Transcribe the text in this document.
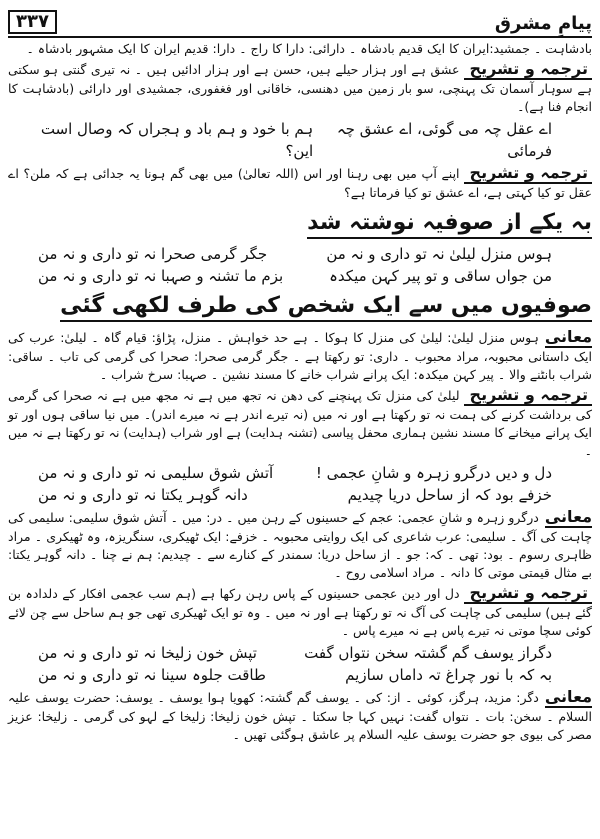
پیامِ مشرق
۳۳۷

بادشاہت ۔ جمشید:ایران کا ایک قدیم بادشاہ ۔ دارائی: دارا کا راج ۔ دارا: قدیم ایران کا ایک مشہور بادشاہ ۔

ترجمہ و تشریحعشق ہے اور ہزار حیلے ہیں، حسن ہے اور ہزار ادائیں ہیں ۔ نہ تیری گنتی ہو سکتی ہے سوہار آسمان تک پہنچی، سو بار زمین میں دھنسی، خاقانی اور فغفوری، جمشیدی اور دارائی (بادشاہت کا انجام فنا ہے)۔

اے عقل چہ می گوئی، اے عشق چہ فرمائی
ہم با خود و ہم باد و ہجراں کہ وصال است این؟

ترجمہ و تشریحاپنے آپ میں بھی رہنا اور اس (اللہ تعالیٰ) میں بھی گم ہونا یہ جدائی ہے کہ ملن؟ اے عقل تو کیا کہتی ہے، اے عشق تو کیا فرماتا ہے؟

بہ یکے از صوفیہ نوشتہ شد
ہوس منزل لیلیٰ نہ تو داری و نہ من
جگر گرمی صحرا نہ تو داری و نہ من
من جواں ساقی و تو پیر کہن میکدہ
بزم ما تشنہ و صہبا نہ تو داری و نہ من
صوفیوں میں سے ایک شخص کی طرف لکھی گئی

معانیہوس منزل لیلیٰ: لیلیٰ کی منزل کا ہوکا ۔ ہے حد خواہش ۔ منزل، پڑاؤ: قیام گاہ ۔ لیلیٰ: عرب کی ایک داستانی محبوبہ، مراد محبوب ۔ داری: تو رکھتا ہے ۔ جگر گرمی صحرا: صحرا کی گرمی کی تاب ۔ ساقی: شراب بانٹنے والا ۔ پیر کہن میکدہ: ایک پرانے شراب خانے کا مسند نشین ۔ صہبا: سرخ شراب ۔

ترجمہ و تشریحلیلیٰ کی منزل تک پہنچنے کی دھن نہ تجھ میں ہے نہ مجھ میں ہے نہ صحرا کی گرمی کی برداشت کرنے کی ہمت نہ تو رکھتا ہے اور نہ میں (نہ تیرے اندر ہے نہ میرے اندر)۔ میں نیا ساقی ہوں اور تو ایک پرانے میخانے کا مسند نشین ہماری محفل پیاسی (تشنہ ہدایت) ہے اور شراب (ہدایت) نہ تو رکھتا ہے نہ میں ۔

دل و دیں درگرو زہرہ و شانِ عجمی !
آتش شوق سلیمی نہ تو داری و نہ من
خزفے بود کہ از ساحل دریا چیدیم
دانہ گوہر یکتا نہ تو داری و نہ من

معانیدرگرو زہرہ و شانِ عجمی: عجم کے حسینوں کے رہن میں ۔ در: میں ۔ آتش شوق سلیمی: سلیمی کی چاہت کی آگ ۔ سلیمی: عرب شاعری کی ایک روایتی محبوبہ ۔ خزفے: ایک ٹھیکری، سنگریزہ، وہ ٹھیکری ۔ مراد ظاہری رسوم ۔ بود: تھی ۔ کہ: جو ۔ از ساحل دریا: سمندر کے کنارے سے ۔ چیدیم: ہم نے چنا ۔ دانہ گوہر یکتا: بے مثال قیمتی موتی کا دانہ ۔ مراد اسلامی روح ۔

ترجمہ و تشریحدل اور دین عجمی حسینوں کے پاس رہن رکھا ہے (ہم سب عجمی افکار کے دلدادہ بن گئے ہیں) سلیمی کی چاہت کی آگ نہ تو رکھتا ہے اور نہ میں ۔ وہ تو ایک ٹھیکری تھی جو ہم ساحل سے چن لائے کوئی سچا موتی نہ تیرے پاس ہے نہ میرے پاس ۔

دگراز یوسف گم گشتہ سخن نتواں گفت
تپش خون زلیخا نہ تو داری و نہ من
بہ کہ با نور چراغ تہ داماں سازیم
طاقت جلوہ سینا نہ تو داری و نہ من

معانیدگر: مزید، ہرگز، کوئی ۔ از: کی ۔ یوسف گم گشتہ: کھویا ہوا یوسف ۔ یوسف: حضرت یوسف علیہ السلام ۔ سخن: بات ۔ نتواں گفت: نہیں کہا جا سکتا ۔ تپش خون زلیخا: زلیخا کے لہو کی گرمی ۔ زلیخا: عزیز مصر کی بیوی جو حضرت یوسف علیہ السلام پر عاشق ہوگئی تھیں ۔
